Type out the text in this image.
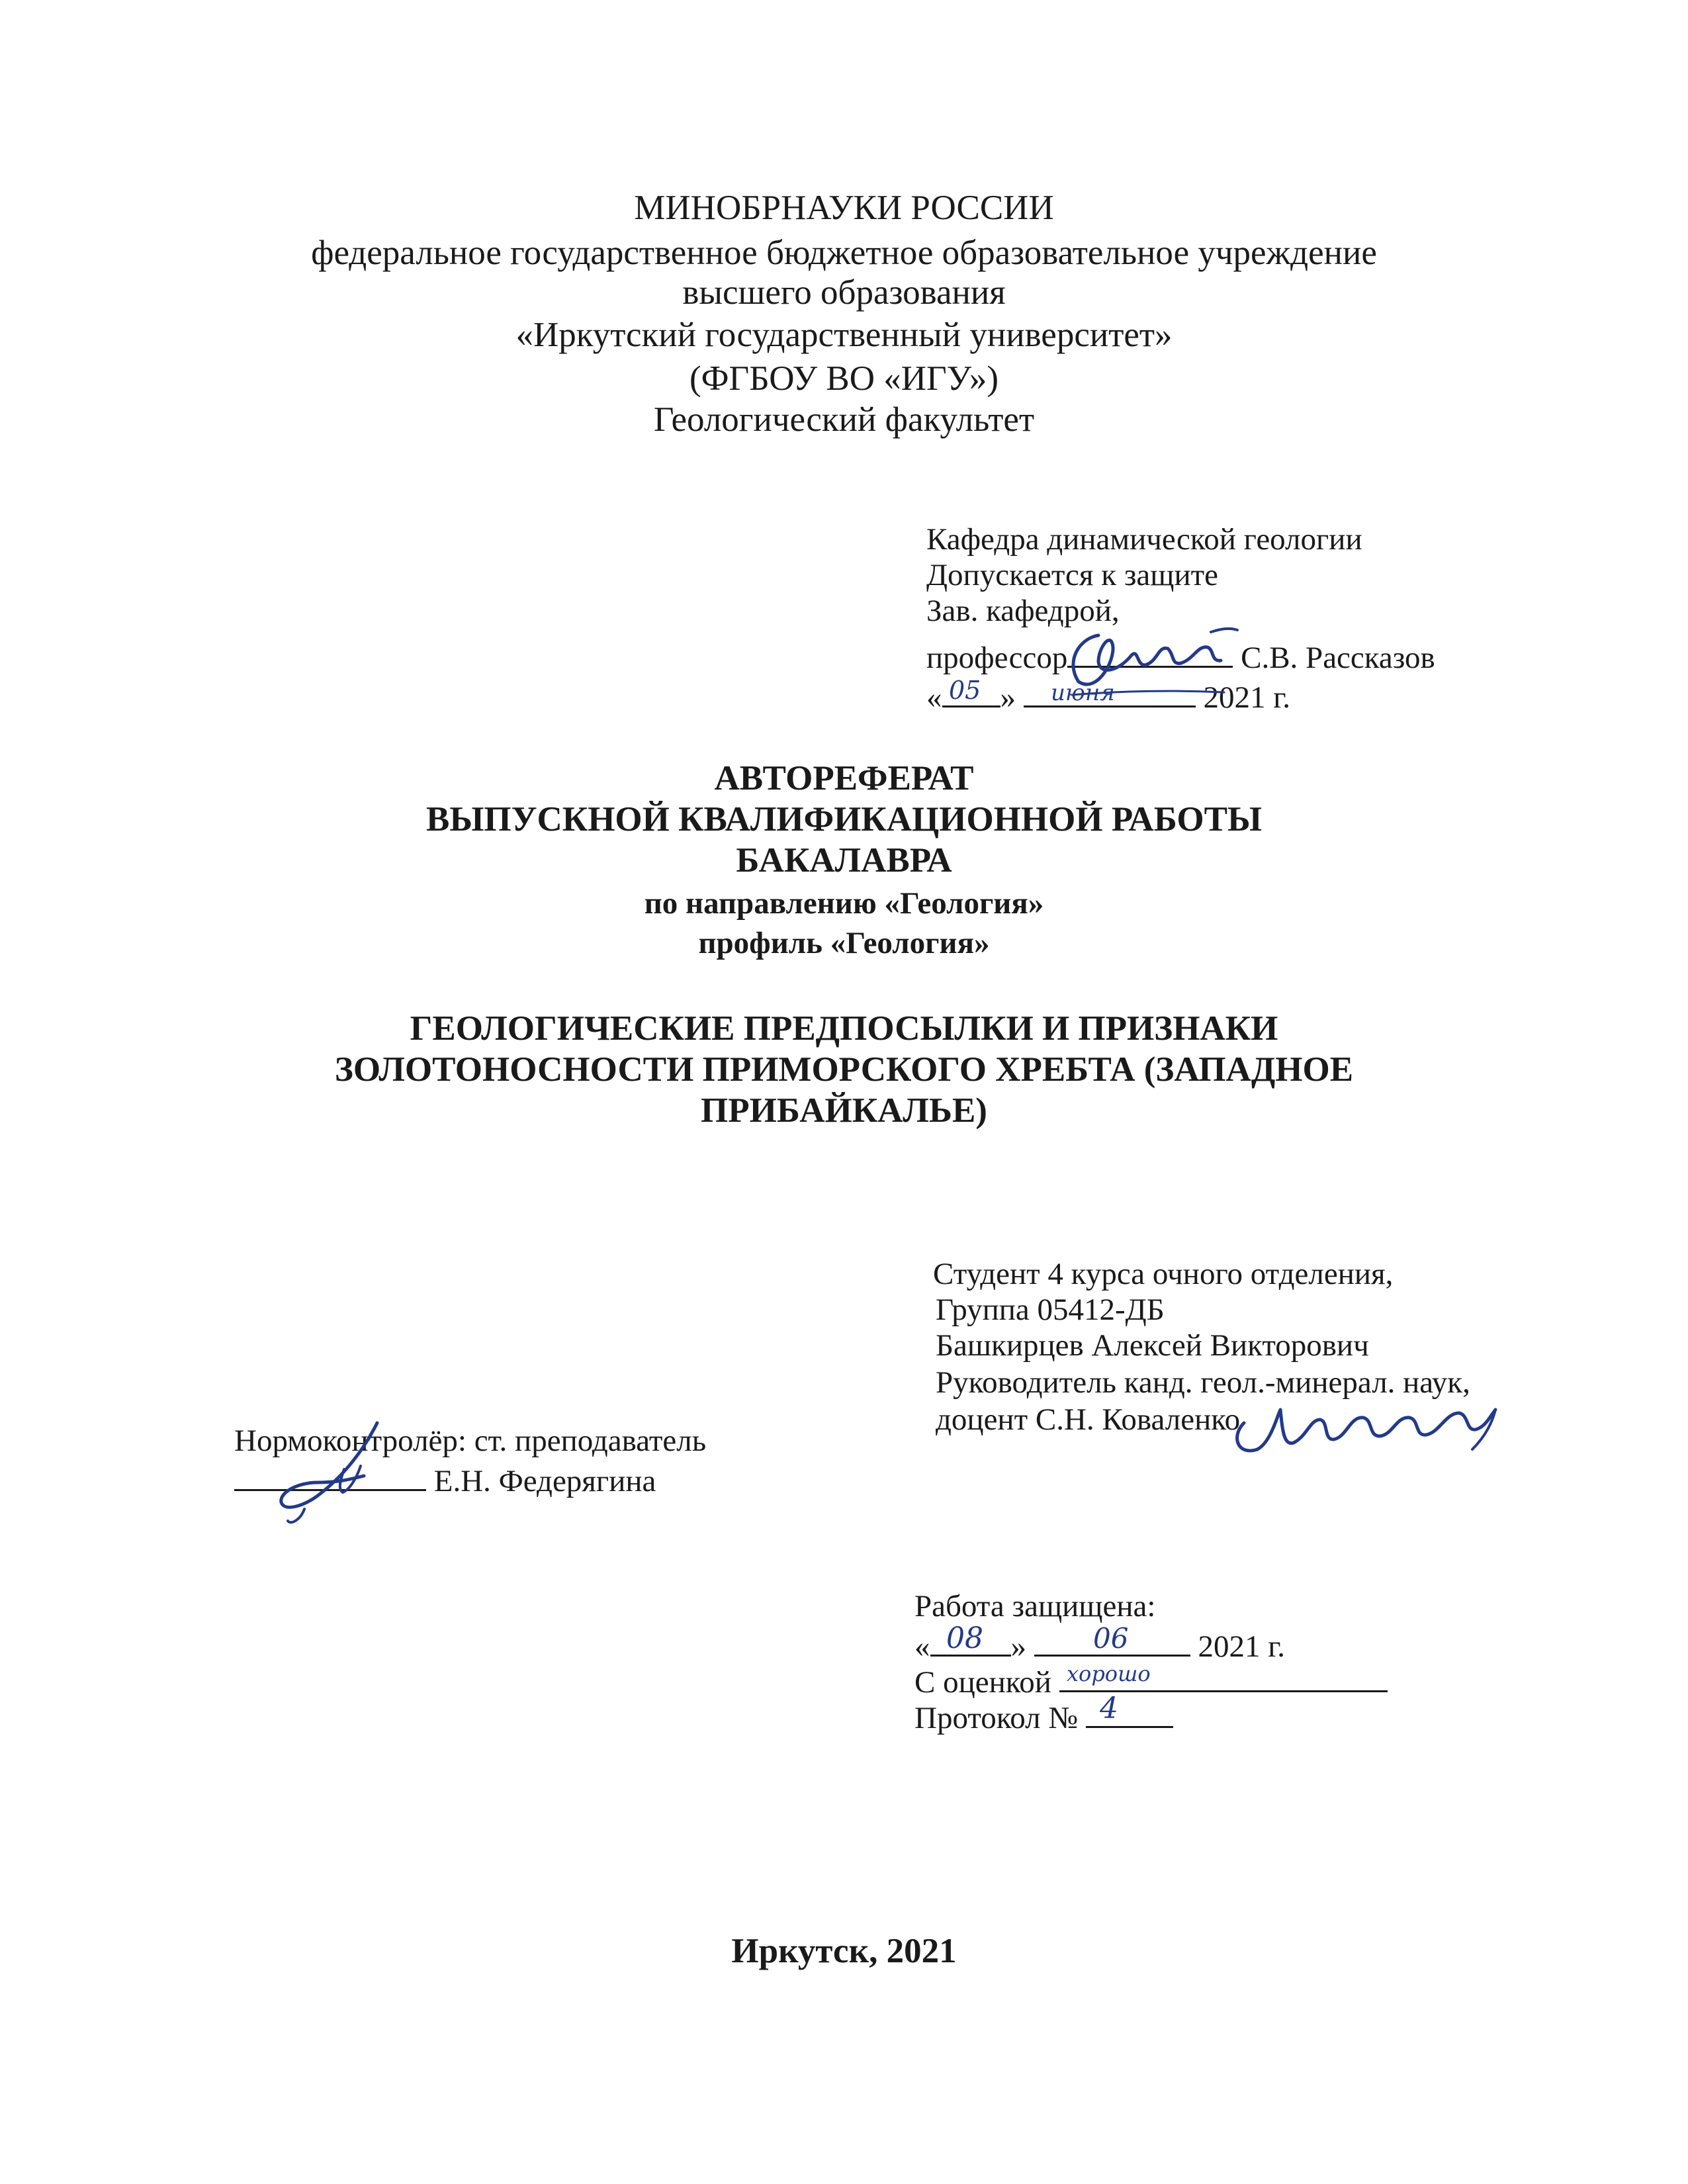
МИНОБРНАУКИ РОССИИ
федеральное государственное бюджетное образовательное учреждение
высшего образования
«Иркутский государственный университет»
(ФГБОУ ВО «ИГУ»)
Геологический факультет
Кафедра динамической геологии
Допускается к защите
Зав. кафедрой,
профессор	С.В. Рассказов
« »	2021 г.
05	июня
АВТОРЕФЕРАТ
ВЫПУСКНОЙ КВАЛИФИКАЦИОННОЙ РАБОТЫ
БАКАЛАВРА
по направлению «Геология»
профиль «Геология»
ГЕОЛОГИЧЕСКИЕ ПРЕДПОСЫЛКИ И ПРИЗНАКИ
ЗОЛОТОНОСНОСТИ ПРИМОРСКОГО ХРЕБТА (ЗАПАДНОЕ
ПРИБАЙКАЛЬЕ)
Студент 4 курса очного отделения,
Группа 05412-ДБ
Башкирцев Алексей Викторович
Руководитель канд. геол.-минерал. наук,
доцент С.Н. Коваленко
Нормоконтролёр: ст. преподаватель
Е.Н. Федерягина
Работа защищена:
«	»	2021 г.
С оценкой
Протокол №
08	06
хорошо
4
Иркутск, 2021
